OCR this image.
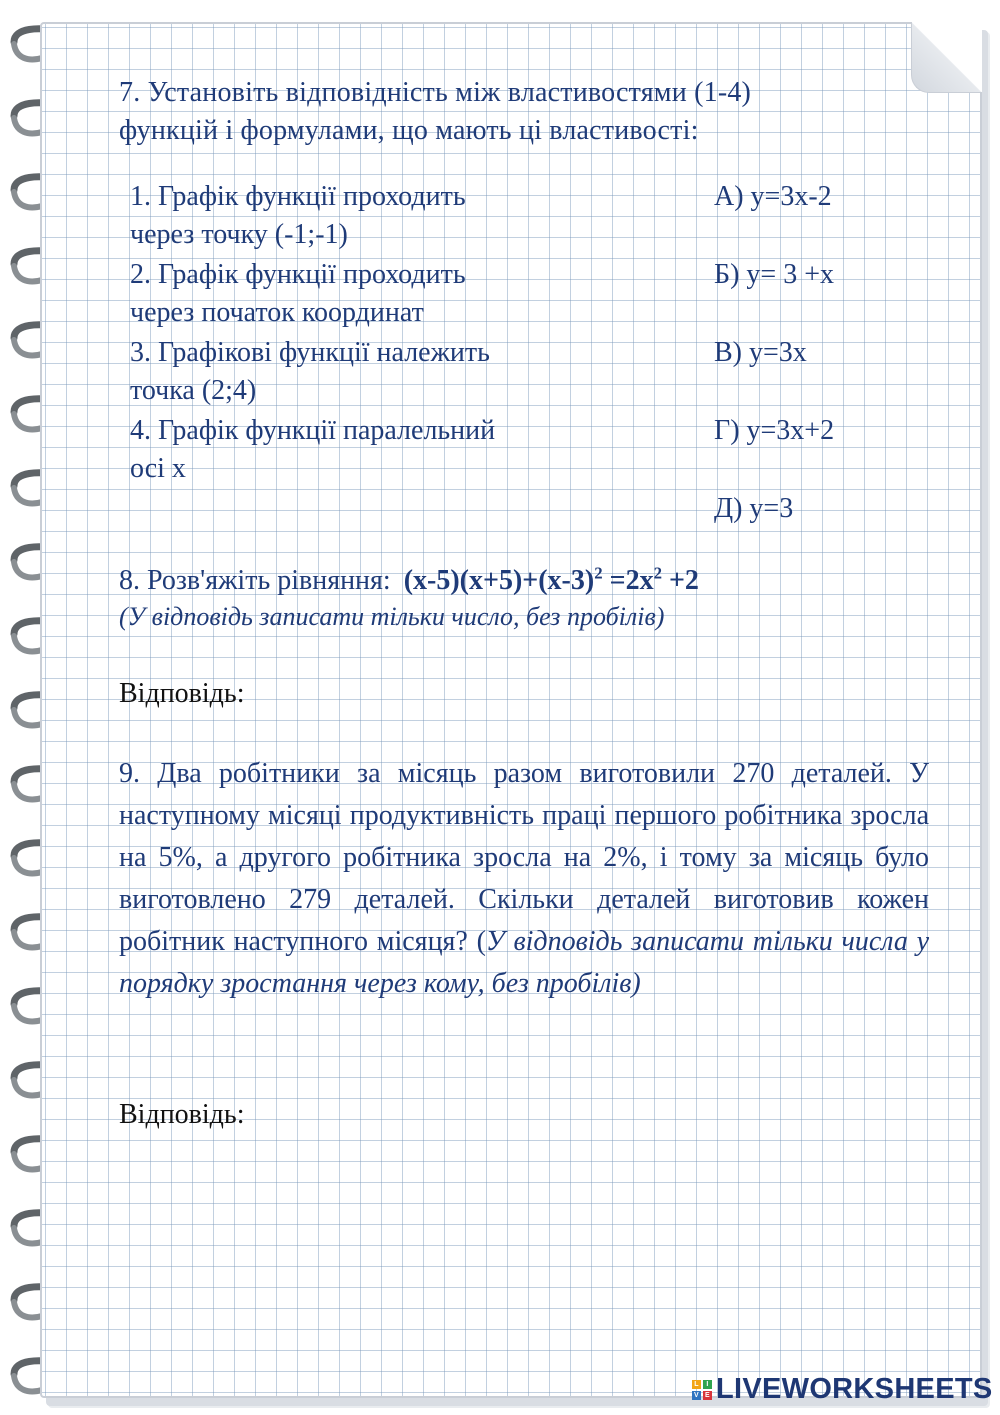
7. Установіть відповідність між властивостями (1-4)
функцій і формулами, що мають ці властивості:
1. Графік функції проходить
через точку (-1;-1)
2. Графік функції проходить
через початок координат
3. Графікові функції належить
точка (2;4)
4. Графік функції паралельний
осі х
А) у=3х-2
Б) у= 3 +х
В) у=3х
Г) у=3х+2
Д) у=3
8. Розв'яжіть рівняння: $(х-5)(х+5)+(х-3)^2 =2х^2 +2$
(У відповідь записати тільки число, без пробілів)
Відповідь:
9. Два робітники за місяць разом виготовили 270 деталей. У наступному місяці продуктивність праці першого робітника зросла на 5%, а другого робітника зросла на 2%, і тому за місяць було виготовлено 279 деталей. Скільки деталей виготовив кожен робітник наступного місяця? (У відповідь записати тільки числа у порядку зростання через кому, без пробілів)
Відповідь:
L	I
V E LIVEWORKSHEETS
